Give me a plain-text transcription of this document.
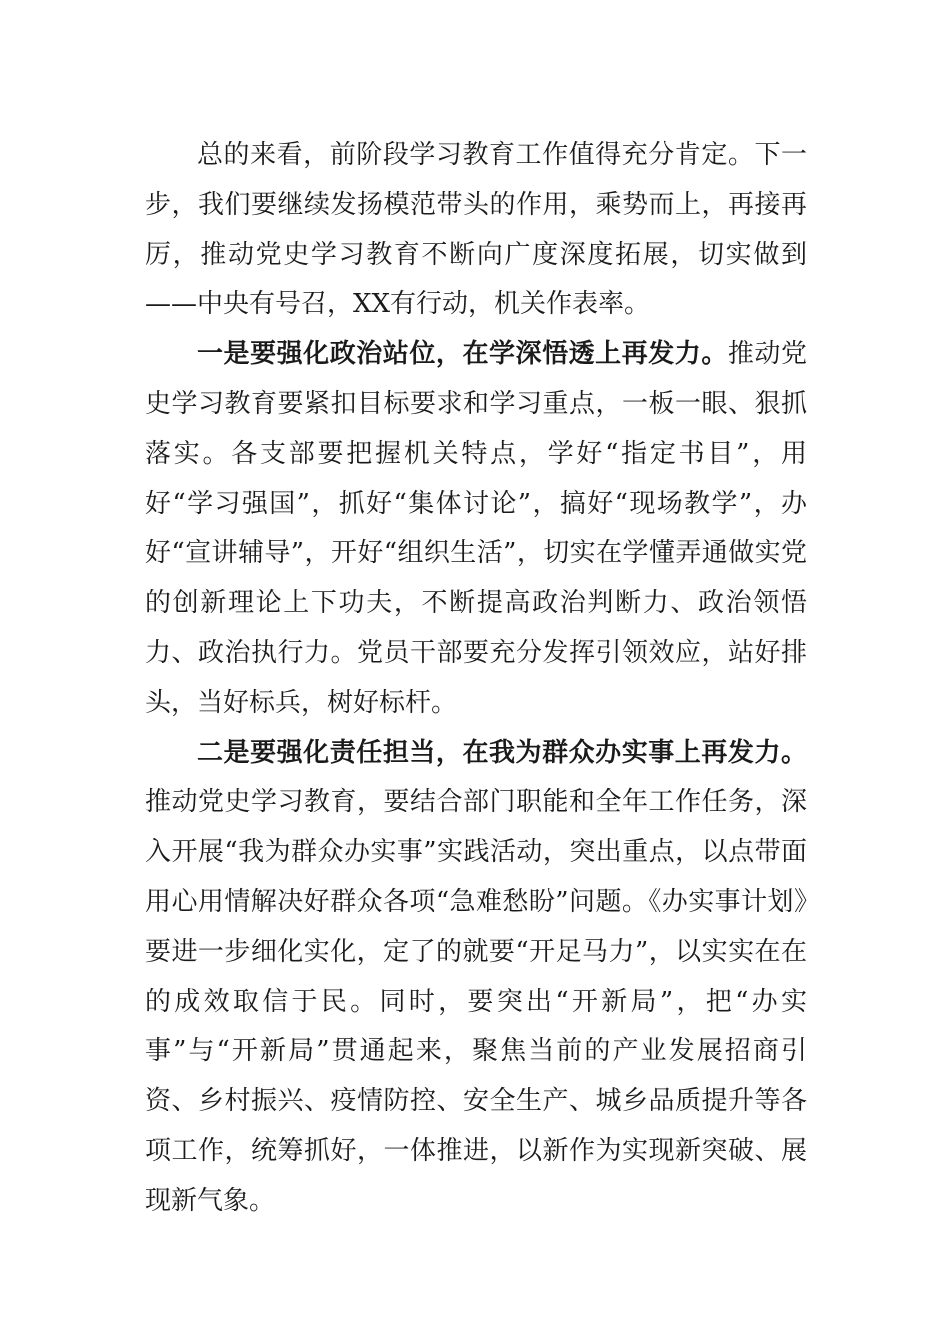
总的来看，前阶段学习教育工作值得充分肯定。下一步，我们要继续发扬模范带头的作用，乘势而上，再接再厉，推动党史学习教育不断向广度深度拓展，切实做到——中央有号召，XX有行动，机关作表率。

一是要强化政治站位，在学深悟透上再发力。推动党史学习教育要紧扣目标要求和学习重点，一板一眼、狠抓落实。各支部要把握机关特点，学好“指定书目”，用好“学习强国”，抓好“集体讨论”，搞好“现场教学”，办好“宣讲辅导”，开好“组织生活”，切实在学懂弄通做实党的创新理论上下功夫，不断提高政治判断力、政治领悟力、政治执行力。党员干部要充分发挥引领效应，站好排头，当好标兵，树好标杆。

二是要强化责任担当，在我为群众办实事上再发力。推动党史学习教育，要结合部门职能和全年工作任务，深入开展“我为群众办实事”实践活动，突出重点，以点带面用心用情解决好群众各项“急难愁盼”问题。《办实事计划》要进一步细化实化，定了的就要“开足马力”，以实实在在的成效取信于民。同时，要突出“开新局”，把“办实事”与“开新局”贯通起来，聚焦当前的产业发展招商引资、乡村振兴、疫情防控、安全生产、城乡品质提升等各项工作，统筹抓好，一体推进，以新作为实现新突破、展现新气象。
